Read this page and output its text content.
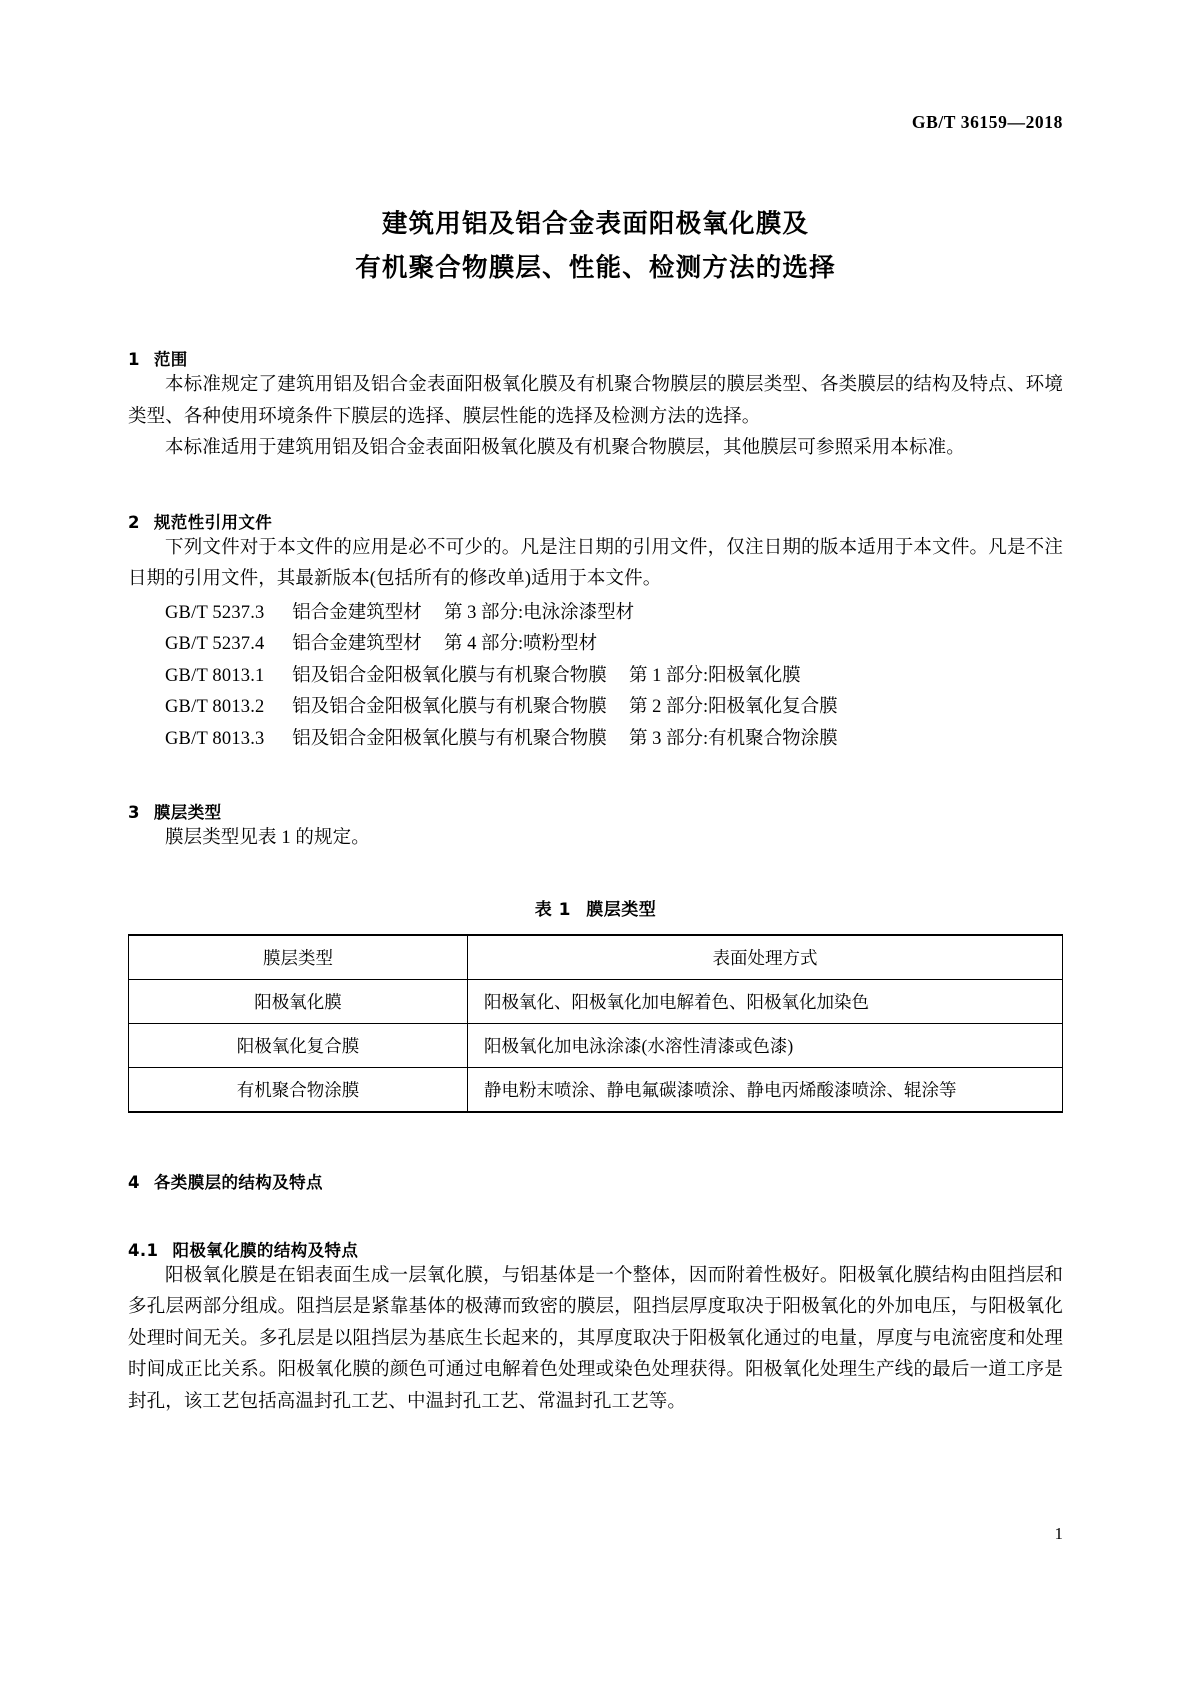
GB/T 36159—2018
建筑用铝及铝合金表面阳极氧化膜及
有机聚合物膜层、性能、检测方法的选择
1 范围

本标准规定了建筑用铝及铝合金表面阳极氧化膜及有机聚合物膜层的膜层类型、各类膜层的结构及特点、环境类型、各种使用环境条件下膜层的选择、膜层性能的选择及检测方法的选择。

本标准适用于建筑用铝及铝合金表面阳极氧化膜及有机聚合物膜层，其他膜层可参照采用本标准。

2 规范性引用文件

下列文件对于本文件的应用是必不可少的。凡是注日期的引用文件，仅注日期的版本适用于本文件。凡是不注日期的引用文件，其最新版本(包括所有的修改单)适用于本文件。

GB/T 5237.3 铝合金建筑型材 第 3 部分:电泳涂漆型材
GB/T 5237.4 铝合金建筑型材 第 4 部分:喷粉型材
GB/T 8013.1 铝及铝合金阳极氧化膜与有机聚合物膜 第 1 部分:阳极氧化膜
GB/T 8013.2 铝及铝合金阳极氧化膜与有机聚合物膜 第 2 部分:阳极氧化复合膜
GB/T 8013.3 铝及铝合金阳极氧化膜与有机聚合物膜 第 3 部分:有机聚合物涂膜
3 膜层类型

膜层类型见表 1 的规定。

表 1 膜层类型
膜层类型	表面处理方式
阳极氧化膜	阳极氧化、阳极氧化加电解着色、阳极氧化加染色
阳极氧化复合膜	阳极氧化加电泳涂漆(水溶性清漆或色漆)
有机聚合物涂膜	静电粉末喷涂、静电氟碳漆喷涂、静电丙烯酸漆喷涂、辊涂等
4 各类膜层的结构及特点
4.1 阳极氧化膜的结构及特点

阳极氧化膜是在铝表面生成一层氧化膜，与铝基体是一个整体，因而附着性极好。阳极氧化膜结构由阻挡层和多孔层两部分组成。阻挡层是紧靠基体的极薄而致密的膜层，阻挡层厚度取决于阳极氧化的外加电压，与阳极氧化处理时间无关。多孔层是以阻挡层为基底生长起来的，其厚度取决于阳极氧化通过的电量，厚度与电流密度和处理时间成正比关系。阳极氧化膜的颜色可通过电解着色处理或染色处理获得。阳极氧化处理生产线的最后一道工序是封孔，该工艺包括高温封孔工艺、中温封孔工艺、常温封孔工艺等。

1
